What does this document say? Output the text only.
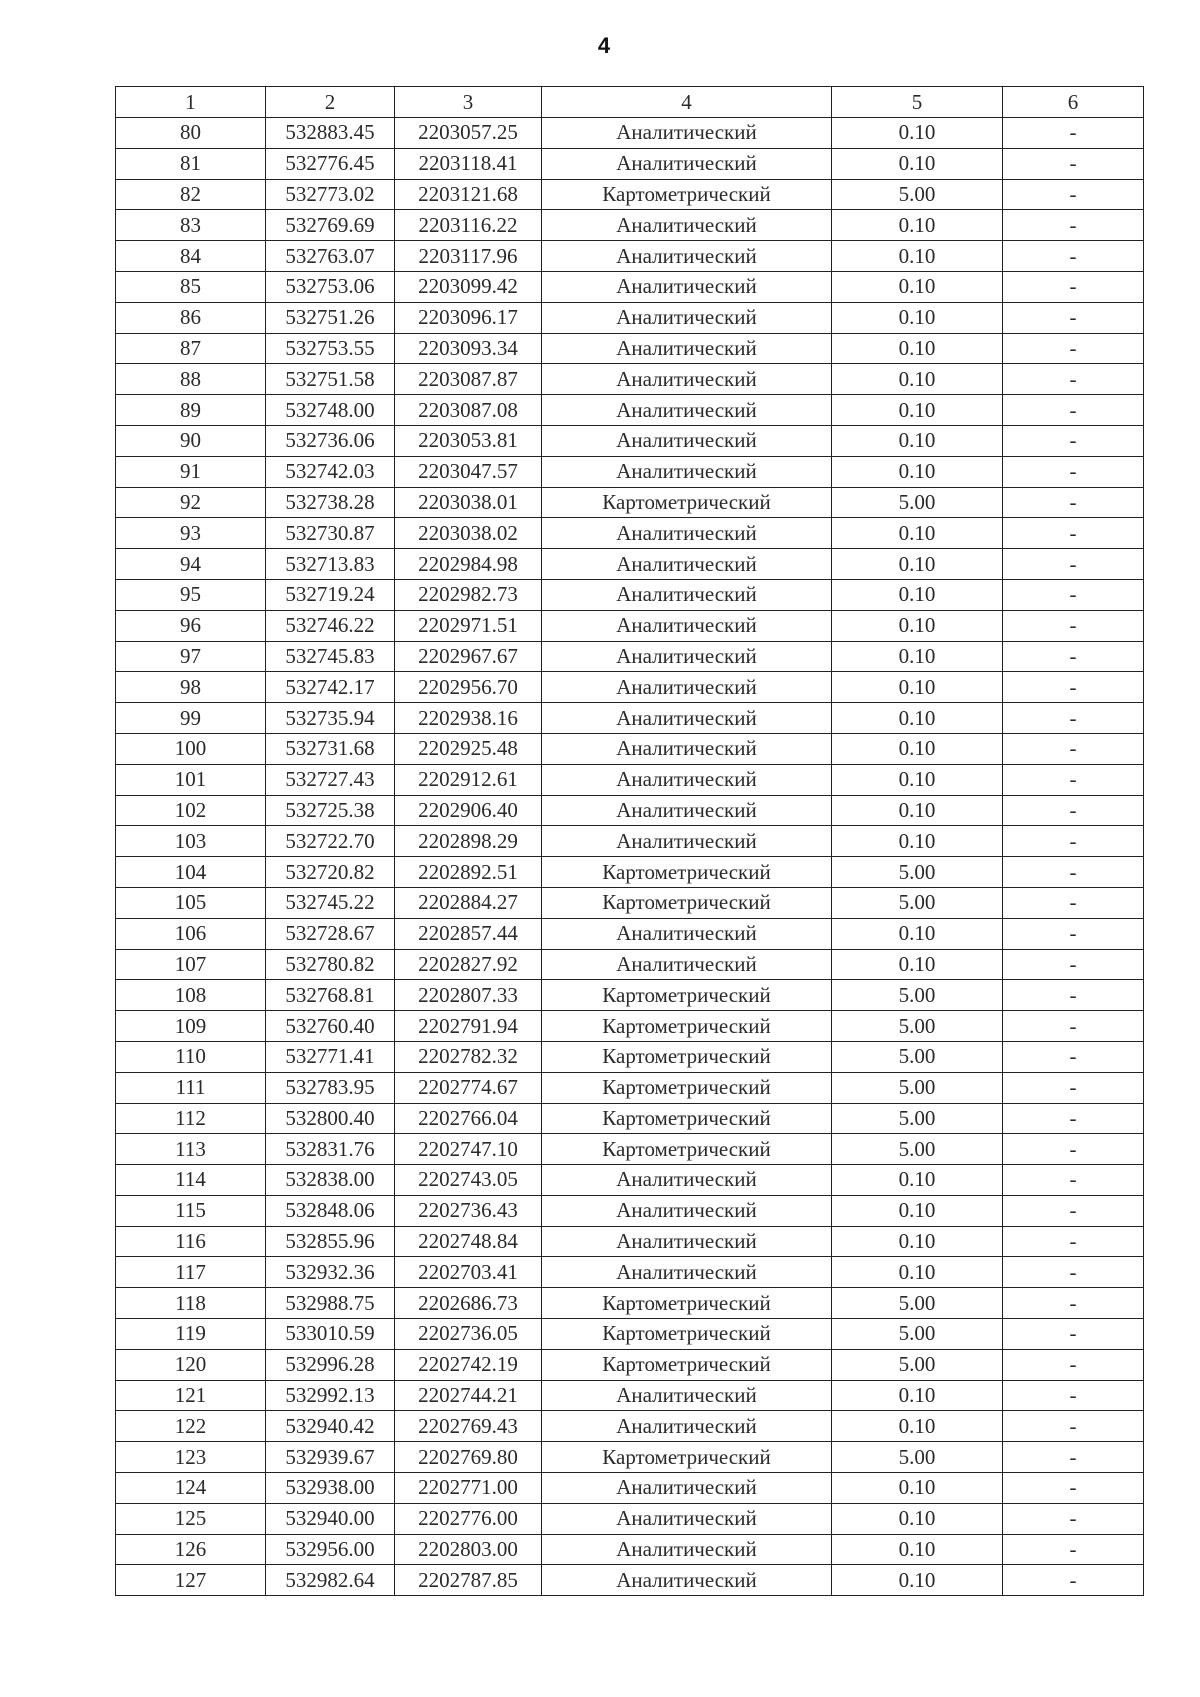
4
1	2	3	4	5	6
80	532883.45	2203057.25	Аналитический	0.10	-
81	532776.45	2203118.41	Аналитический	0.10	-
82	532773.02	2203121.68	Картометрический	5.00	-
83	532769.69	2203116.22	Аналитический	0.10	-
84	532763.07	2203117.96	Аналитический	0.10	-
85	532753.06	2203099.42	Аналитический	0.10	-
86	532751.26	2203096.17	Аналитический	0.10	-
87	532753.55	2203093.34	Аналитический	0.10	-
88	532751.58	2203087.87	Аналитический	0.10	-
89	532748.00	2203087.08	Аналитический	0.10	-
90	532736.06	2203053.81	Аналитический	0.10	-
91	532742.03	2203047.57	Аналитический	0.10	-
92	532738.28	2203038.01	Картометрический	5.00	-
93	532730.87	2203038.02	Аналитический	0.10	-
94	532713.83	2202984.98	Аналитический	0.10	-
95	532719.24	2202982.73	Аналитический	0.10	-
96	532746.22	2202971.51	Аналитический	0.10	-
97	532745.83	2202967.67	Аналитический	0.10	-
98	532742.17	2202956.70	Аналитический	0.10	-
99	532735.94	2202938.16	Аналитический	0.10	-
100	532731.68	2202925.48	Аналитический	0.10	-
101	532727.43	2202912.61	Аналитический	0.10	-
102	532725.38	2202906.40	Аналитический	0.10	-
103	532722.70	2202898.29	Аналитический	0.10	-
104	532720.82	2202892.51	Картометрический	5.00	-
105	532745.22	2202884.27	Картометрический	5.00	-
106	532728.67	2202857.44	Аналитический	0.10	-
107	532780.82	2202827.92	Аналитический	0.10	-
108	532768.81	2202807.33	Картометрический	5.00	-
109	532760.40	2202791.94	Картометрический	5.00	-
110	532771.41	2202782.32	Картометрический	5.00	-
111	532783.95	2202774.67	Картометрический	5.00	-
112	532800.40	2202766.04	Картометрический	5.00	-
113	532831.76	2202747.10	Картометрический	5.00	-
114	532838.00	2202743.05	Аналитический	0.10	-
115	532848.06	2202736.43	Аналитический	0.10	-
116	532855.96	2202748.84	Аналитический	0.10	-
117	532932.36	2202703.41	Аналитический	0.10	-
118	532988.75	2202686.73	Картометрический	5.00	-
119	533010.59	2202736.05	Картометрический	5.00	-
120	532996.28	2202742.19	Картометрический	5.00	-
121	532992.13	2202744.21	Аналитический	0.10	-
122	532940.42	2202769.43	Аналитический	0.10	-
123	532939.67	2202769.80	Картометрический	5.00	-
124	532938.00	2202771.00	Аналитический	0.10	-
125	532940.00	2202776.00	Аналитический	0.10	-
126	532956.00	2202803.00	Аналитический	0.10	-
127	532982.64	2202787.85	Аналитический	0.10	-
